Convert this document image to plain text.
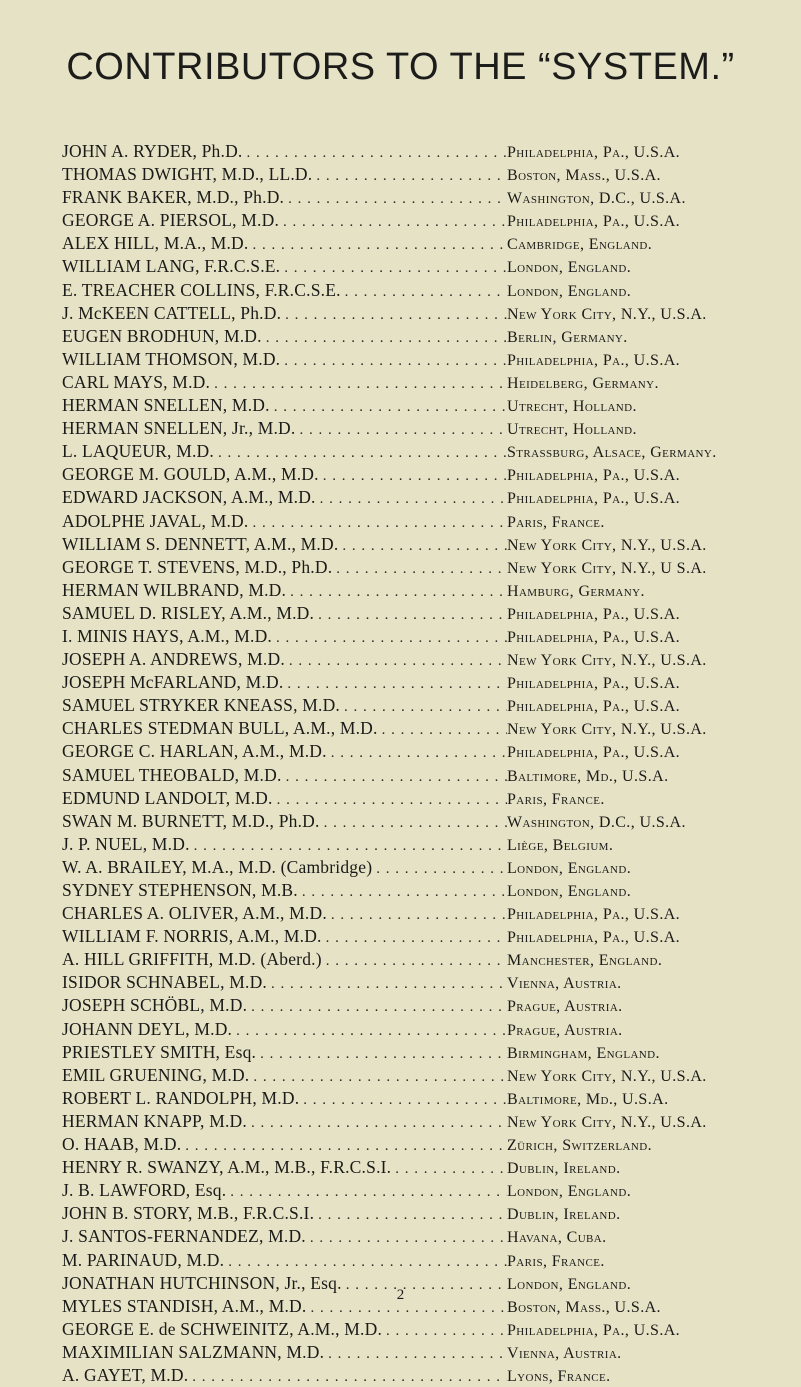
CONTRIBUTORS TO THE “SYSTEM.”
JOHN A. RYDER, Ph.D. . . .	Philadelphia, Pa., U.S.A.
THOMAS DWIGHT, M.D., LL.D. . . .	Boston, Mass., U.S.A.
FRANK BAKER, M.D., Ph.D. . . .	Washington, D.C., U.S.A.
GEORGE A. PIERSOL, M.D. . . .	Philadelphia, Pa., U.S.A.
ALEX HILL, M.A., M.D. . . .	Cambridge, England.
WILLIAM LANG, F.R.C.S.E. . . .	London, England.
E. TREACHER COLLINS, F.R.C.S.E. . . .	London, England.
J. McKEEN CATTELL, Ph.D. . . .	New York City, N.Y., U.S.A.
EUGEN BRODHUN, M.D. . . .	Berlin, Germany.
WILLIAM THOMSON, M.D. . . .	Philadelphia, Pa., U.S.A.
CARL MAYS, M.D. . . .	Heidelberg, Germany.
HERMAN SNELLEN, M.D. . . .	Utrecht, Holland.
HERMAN SNELLEN, Jr., M.D. . . .	Utrecht, Holland.
L. LAQUEUR, M.D. . . .	Strassburg, Alsace, Germany.
GEORGE M. GOULD, A.M., M.D. . . .	Philadelphia, Pa., U.S.A.
EDWARD JACKSON, A.M., M.D. . . .	Philadelphia, Pa., U.S.A.
ADOLPHE JAVAL, M.D. . . .	Paris, France.
WILLIAM S. DENNETT, A.M., M.D. . . .	New York City, N.Y., U.S.A.
GEORGE T. STEVENS, M.D., Ph.D. . . .	New York City, N.Y., U S.A.
HERMAN WILBRAND, M.D. . . .	Hamburg, Germany.
SAMUEL D. RISLEY, A.M., M.D. . . .	Philadelphia, Pa., U.S.A.
I. MINIS HAYS, A.M., M.D. . . .	Philadelphia, Pa., U.S.A.
JOSEPH A. ANDREWS, M.D. . . .	New York City, N.Y., U.S.A.
JOSEPH McFARLAND, M.D. . . .	Philadelphia, Pa., U.S.A.
SAMUEL STRYKER KNEASS, M.D. . . .	Philadelphia, Pa., U.S.A.
CHARLES STEDMAN BULL, A.M., M.D. . . .	New York City, N.Y., U.S.A.
GEORGE C. HARLAN, A.M., M.D. . . .	Philadelphia, Pa., U.S.A.
SAMUEL THEOBALD, M.D. . . .	Baltimore, Md., U.S.A.
EDMUND LANDOLT, M.D. . . .	Paris, France.
SWAN M. BURNETT, M.D., Ph.D. . . .	Washington, D.C., U.S.A.
J. P. NUEL, M.D. . . .	Liège, Belgium.
W. A. BRAILEY, M.A., M.D. (Cambridge) . . .	London, England.
SYDNEY STEPHENSON, M.B. . . .	London, England.
CHARLES A. OLIVER, A.M., M.D. . . .	Philadelphia, Pa., U.S.A.
WILLIAM F. NORRIS, A.M., M.D. . . .	Philadelphia, Pa., U.S.A.
A. HILL GRIFFITH, M.D. (Aberd.) . . .	Manchester, England.
ISIDOR SCHNABEL, M.D. . . .	Vienna, Austria.
JOSEPH SCHÖBL, M.D. . . .	Prague, Austria.
JOHANN DEYL, M.D. . . .	Prague, Austria.
PRIESTLEY SMITH, Esq. . . .	Birmingham, England.
EMIL GRUENING, M.D. . . .	New York City, N.Y., U.S.A.
ROBERT L. RANDOLPH, M.D. . . .	Baltimore, Md., U.S.A.
HERMAN KNAPP, M.D. . . .	New York City, N.Y., U.S.A.
O. HAAB, M.D. . . .	Zürich, Switzerland.
HENRY R. SWANZY, A.M., M.B., F.R.C.S.I. . . .	Dublin, Ireland.
J. B. LAWFORD, Esq. . . .	London, England.
JOHN B. STORY, M.B., F.R.C.S.I. . . .	Dublin, Ireland.
J. SANTOS-FERNANDEZ, M.D. . . .	Havana, Cuba.
M. PARINAUD, M.D. . . .	Paris, France.
JONATHAN HUTCHINSON, Jr., Esq. . . .	London, England.
MYLES STANDISH, A.M., M.D. . . .	Boston, Mass., U.S.A.
GEORGE E. de SCHWEINITZ, A.M., M.D. . . .	Philadelphia, Pa., U.S.A.
MAXIMILIAN SALZMANN, M.D. . . .	Vienna, Austria.
A. GAYET, M.D. . . .	Lyons, France.
2
